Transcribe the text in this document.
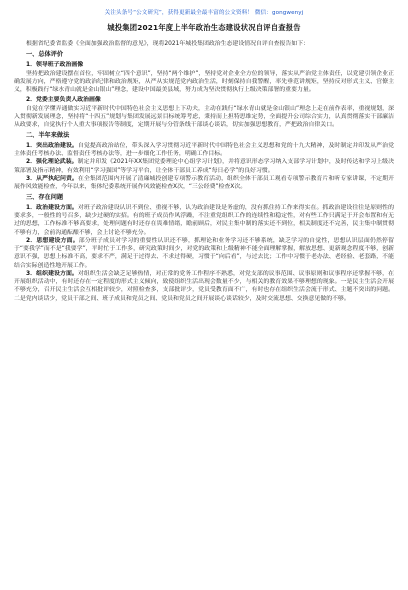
关注头条号“公文研究”，获得更新最全最丰富的公文资料！ 微信：gongwenyj
城投集团2021年度上半年政治生态建设状况自评自查报告

根据省纪委省监委《全面加强政治监督的意见》，现将2021年城投集团政治生态建设情况自评自查报告如下：

一、总体评价
1．领导班子政治画像

坚持把政治建设摆在首位，牢固树立“四个意识”，坚持“两个维护”，坚持党对企业全方位的领导，落实从严治党主体责任，以党建引领企业正确发展方向，严格遵守党的政治纪律和政治规矩，从严从实规范党内政治生活，时刻保持自我警醒，率先垂范讲规矩，坚持反对形式主义、官僚主义，积极践行“绿水青山就是金山银山”理念，建设中国最美县域，努力成为坚决贯彻执行上级决策部署的重要力量。

2．党委主要负责人政治画像

自觉在学懂弄通做实习近平新时代中国特色社会主义思想上下功夫，主动在践行“绿水青山就是金山银山”理念上走在前作表率，重视规划，深入贯彻新发展理念，坚持将“十四五”规划与集团发展远景目标统筹考虑，秉持而上担特思维定势，全面提升公司综合实力，认真贯彻落实干部廉洁从政要求，自觉执行个人重大事项报告等制度，定期开展与分管条线干部谈心谈话，切实加强思想教育，严把政治自律关口。

二、半年来做法

1．突出政治建设。自觉提高政治站位，带头深入学习贯彻习近平新时代中国特色社会主义思想和党的十九大精神，及时制定并印发从严治党主体责任考核办法、监督责任考核办法等，进一步细化工作任务，明确工作目标。

2．强化理论武装。制定并印发《2021年XX集团党委理论中心组学习计划》，并将意识形态学习纳入支部学习计划中，及时传达和学习上级决策部署及指示精神，有效利用“学习强国”等学习平台，让全体干部员工养成“每日必学”的良好习惯。

3．从严执纪问责。在全集团范围内开展了清廉城投创建专项警示教育活动，组织全体干部员工观看专项警示教育片和听专家讲课，不定期开展作风效能检查，今年以来，集体纪委系统开展作风效能检查X次，“三公经费”检查X次。

三、存在问题

1．政治建设方面。对班子政治建设认识不到位、重视不够，认为政治建设是务虚的，没有抓住持工作来得实在。抓政治建设往往是原则性的要求多，一般性的号召多，缺少过硬的实招。有的班子成员作风浮躁，不注重党组织工作的连续性和稳定性，对有些工作只满足于开会布置和有无过的思想，工作标准不够高要求，处理问题有时还存在畏难情绪，瞻前顾后，对民主集中制的落实还不到位，相关制度还不完善，民主集中制贯彻不够有力，会前沟通酝酿不够，会上讨论不够充分。

2．思想建设方面。部分班子成员对学习的重要性认识还不够，抓理论和业务学习还不够系统，缺乏学习的自觉性，思想认识层面仍然停留于“要我学”而不是“我要学”，平时忙于工作多，研究政策时间少，对党的政策和上级精神不能全面理解掌握，解放思想、更新观念程度不够，创新意识不强，思想上标准不高，要求不严，满足于过得去、不求过得硬，习惯于“向后看”，与过去比；工作中习惯于老办法、老经验、老套路，不能结合实际创造性地开展工作。

3．组织建设方面。对组织生活会缺乏足够热情，对正常的党务工作程序不熟悉，对党支部的议事范围、议事原则和议事程序还掌握不够，在开展组织活动中，有时还存在一定程度的形式主义倾向，致使组织生活出现会数量不少，与相关的教育效果不够理想的现象。一是民主生活会开展不够充分，召开民主生活会互相批评较少，对照检查多，支部批评少，党员受教育面不广，有时也存在组织生活会流于形式、主题不突出的问题。二是党内谈话少，党员干部之间、班子成员和党员之间、党员和党员之间开展谈心谈话较少，及时交流思想、交换意见做的不够。
